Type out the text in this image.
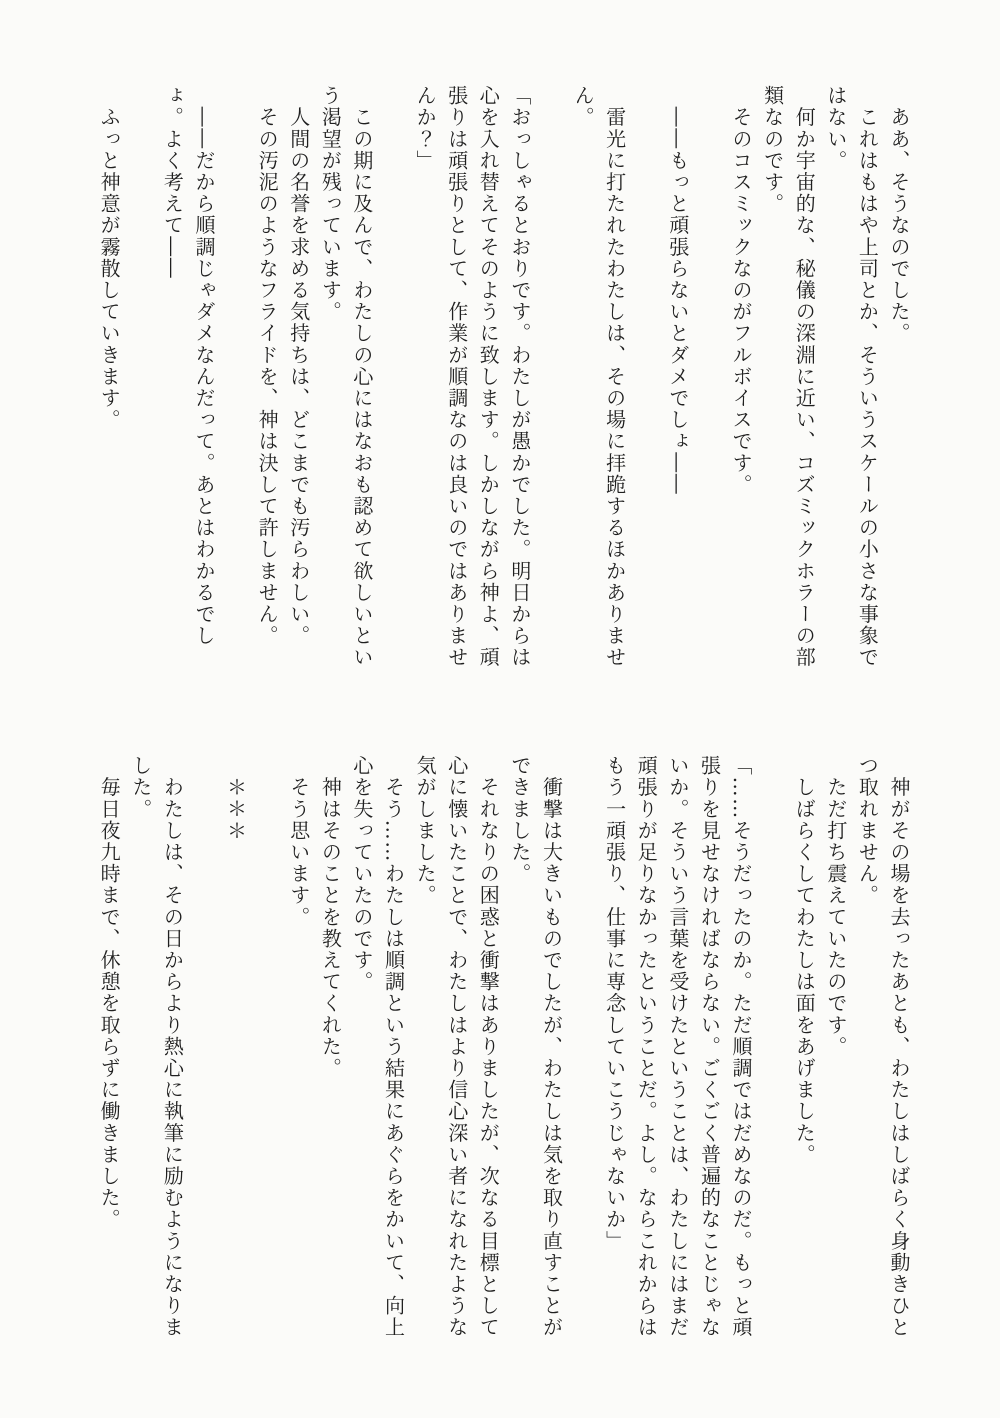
　ああ、そうなのでした。
　これはもはや上司とか、そういうスケールの小さな事象で
はない。
　何か宇宙的な、秘儀の深淵に近い、コズミックホラーの部
類なのです。
　そのコスミックなのがフルボイスです。

　――もっと頑張らないとダメでしょ――

　雷光に打たれたわたしは、その場に拝跪するほかありませ
ん。

「おっしゃるとおりです。わたしが愚かでした。明日からは
心を入れ替えてそのように致します。しかしながら神よ、頑
張りは頑張りとして、作業が順調なのは良いのではありませ
んか？」

　この期に及んで、わたしの心にはなおも認めて欲しいとい
う渇望が残っています。
　人間の名誉を求める気持ちは、どこまでも汚らわしい。
　その汚泥のようなフライドを、神は決して許しません。

　――だから順調じゃダメなんだって。あとはわかるでし
ょ。よく考えて――

　ふっと神意が霧散していきます。
　神がその場を去ったあとも、わたしはしばらく身動きひと
つ取れません。
　ただ打ち震えていたのです。
　しばらくしてわたしは面をあげました。

「……そうだったのか。ただ順調ではだめなのだ。もっと頑
張りを見せなければならない。ごくごく普遍的なことじゃな
いか。そういう言葉を受けたということは、わたしにはまだ
頑張りが足りなかったということだ。よし。ならこれからは
もう一頑張り、仕事に専念していこうじゃないか」

　衝撃は大きいものでしたが、わたしは気を取り直すことが
できました。
　それなりの困惑と衝撃はありましたが、次なる目標として
心に懐いたことで、わたしはより信心深い者になれたような
気がしました。
　そう……わたしは順調という結果にあぐらをかいて、向上
心を失っていたのです。
　神はそのことを教えてくれた。
　そう思います。

　＊＊＊

　わたしは、その日からより熱心に執筆に励むようになりま
した。
　毎日夜九時まで、休憩を取らずに働きました。
